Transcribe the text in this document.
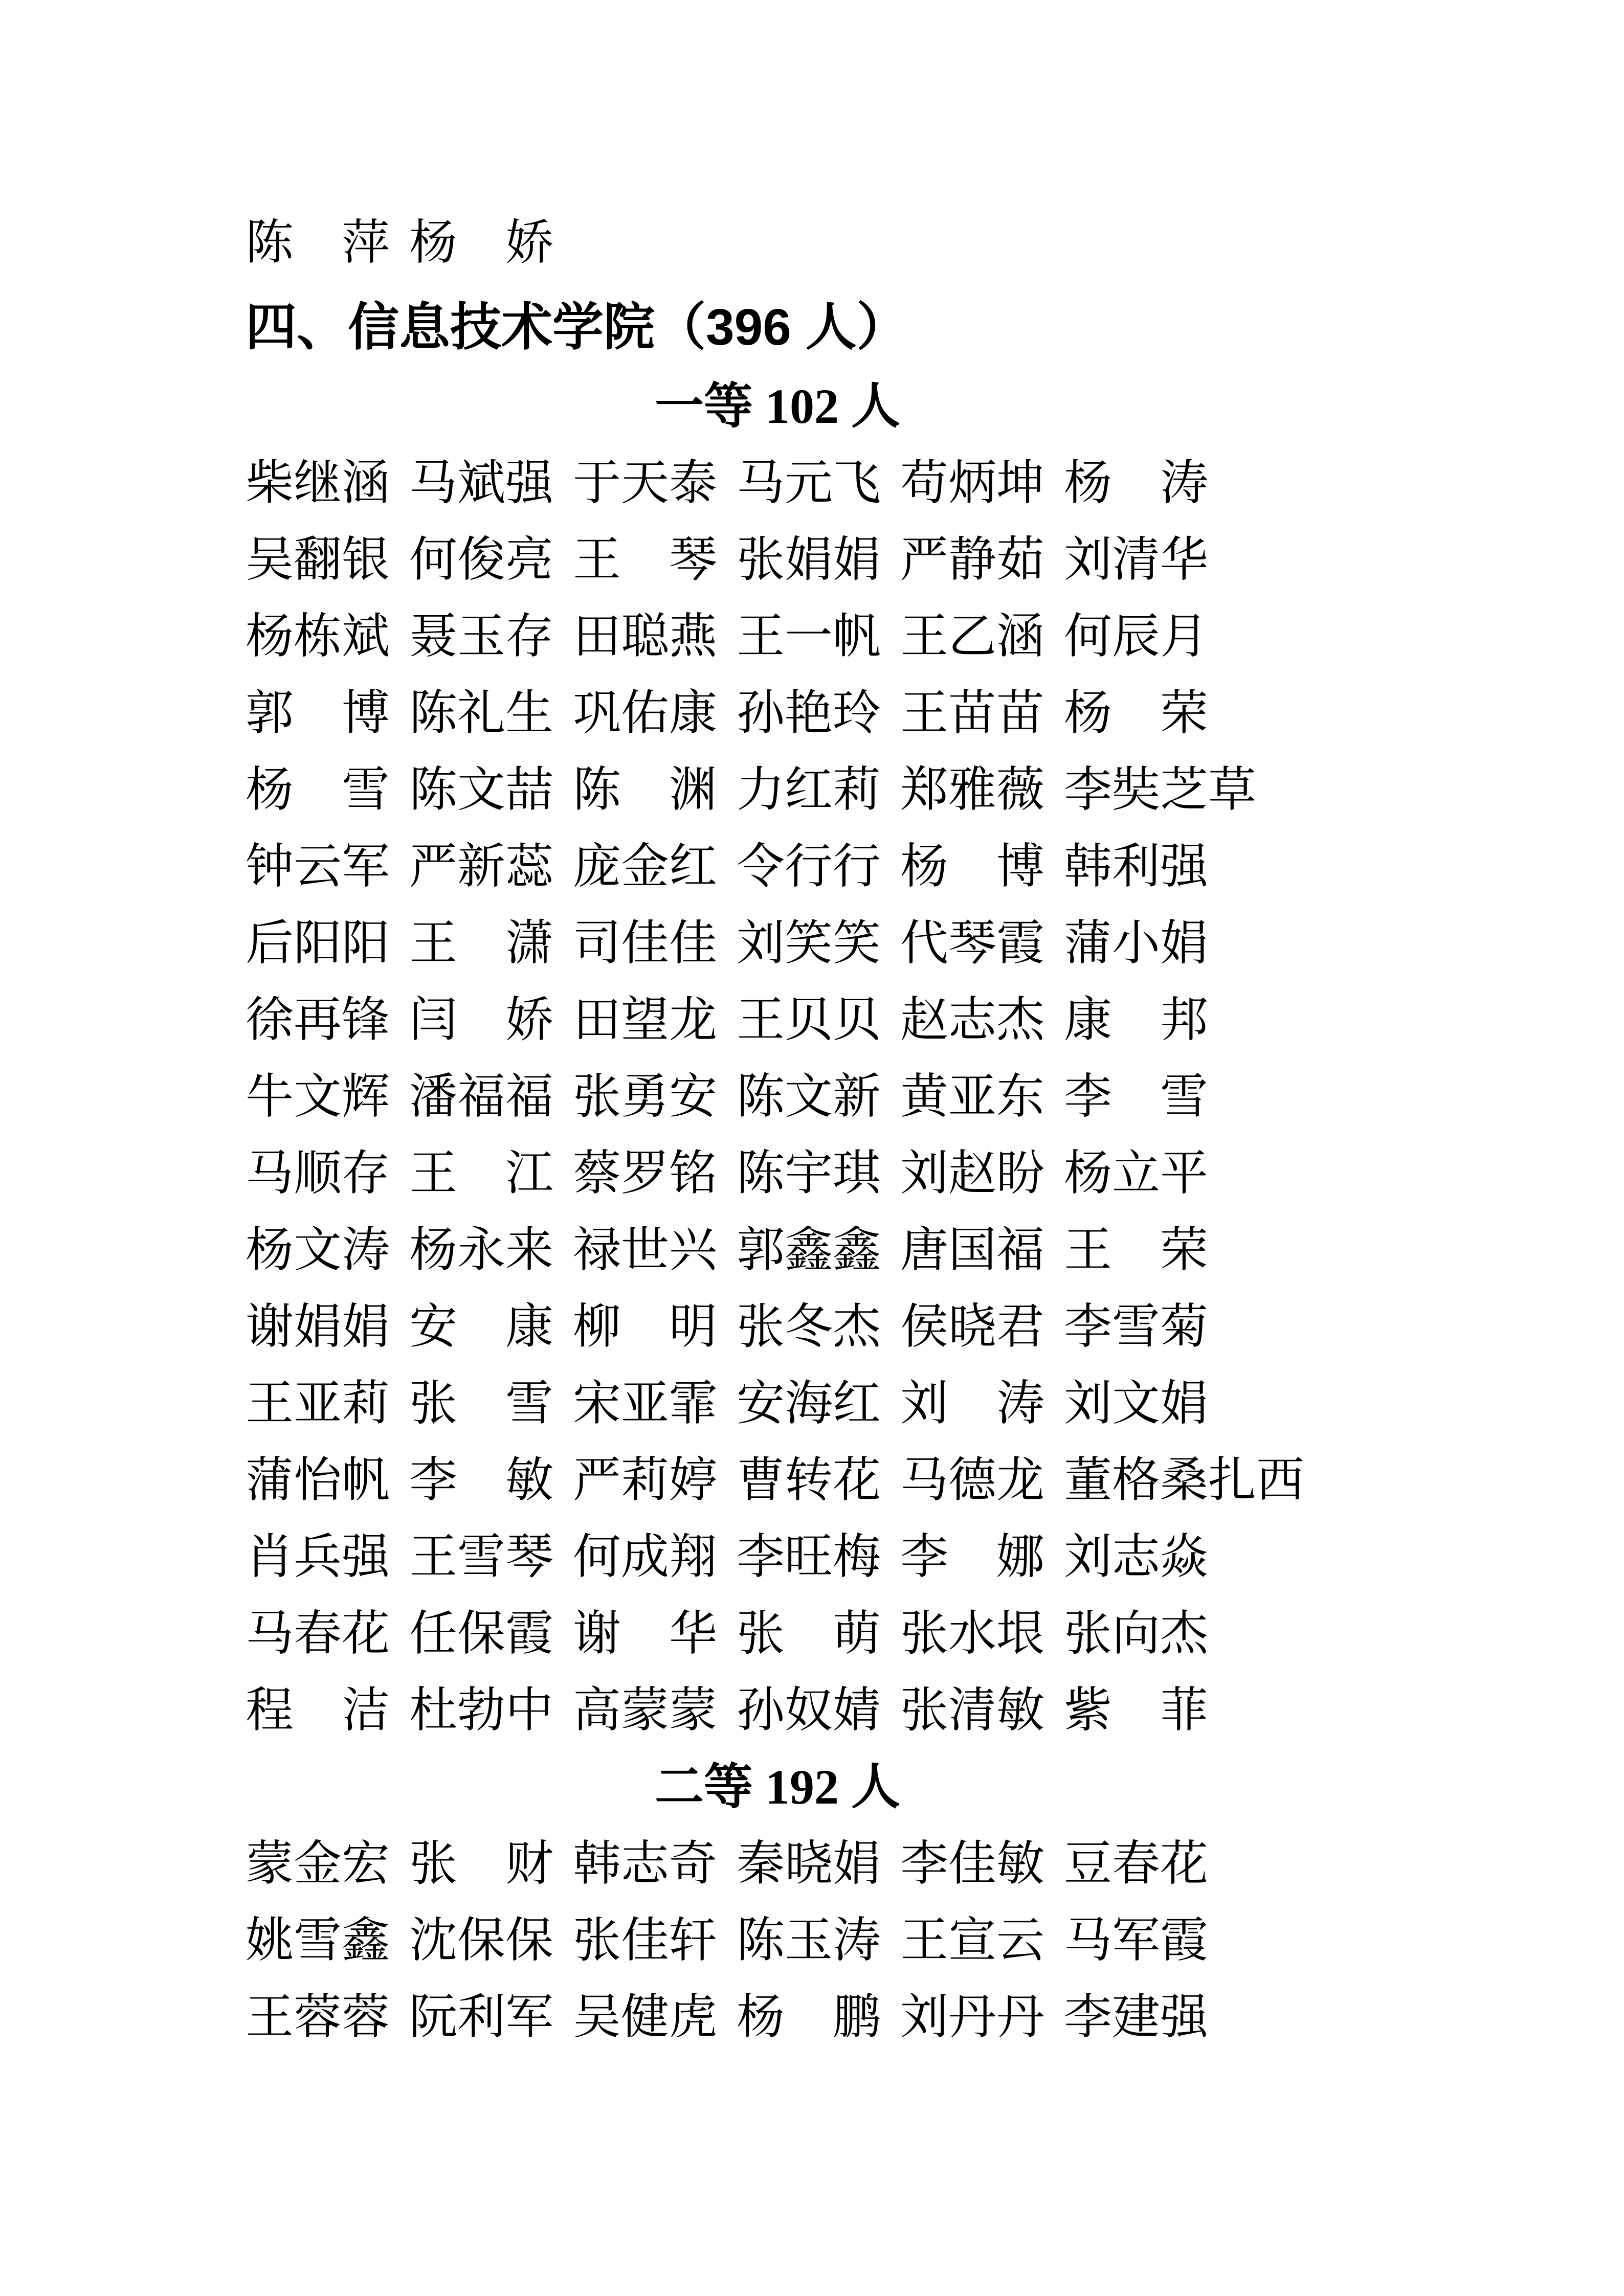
陈　萍 杨　娇
四、信息技术学院（396 人）
一等 102 人
柴继涵 马斌强 于天泰 马元飞 苟炳坤 杨　涛
吴翻银 何俊亮 王　琴 张娟娟 严静茹 刘清华
杨栋斌 聂玉存 田聪燕 王一帆 王乙涵 何辰月
郭　博 陈礼生 巩佑康 孙艳玲 王苗苗 杨　荣
杨　雪 陈文喆 陈　渊 力红莉 郑雅薇 李奘芝草
钟云军 严新蕊 庞金红 令行行 杨　博 韩利强
后阳阳 王　潇 司佳佳 刘笑笑 代琴霞 蒲小娟
徐再锋 闫　娇 田望龙 王贝贝 赵志杰 康　邦
牛文辉 潘福福 张勇安 陈文新 黄亚东 李　雪
马顺存 王　江 蔡罗铭 陈宇琪 刘赵盼 杨立平
杨文涛 杨永来 禄世兴 郭鑫鑫 唐国福 王　荣
谢娟娟 安　康 柳　明 张冬杰 侯晓君 李雪菊
王亚莉 张　雪 宋亚霏 安海红 刘　涛 刘文娟
蒲怡帆 李　敏 严莉婷 曹转花 马德龙 董格桑扎西
肖兵强 王雪琴 何成翔 李旺梅 李　娜 刘志焱
马春花 任保霞 谢　华 张　萌 张水垠 张向杰
程　洁 杜勃中 高蒙蒙 孙奴婧 张清敏 紫　菲
二等 192 人
蒙金宏 张　财 韩志奇 秦晓娟 李佳敏 豆春花
姚雪鑫 沈保保 张佳轩 陈玉涛 王宣云 马军霞
王蓉蓉 阮利军 吴健虎 杨　鹏 刘丹丹 李建强
